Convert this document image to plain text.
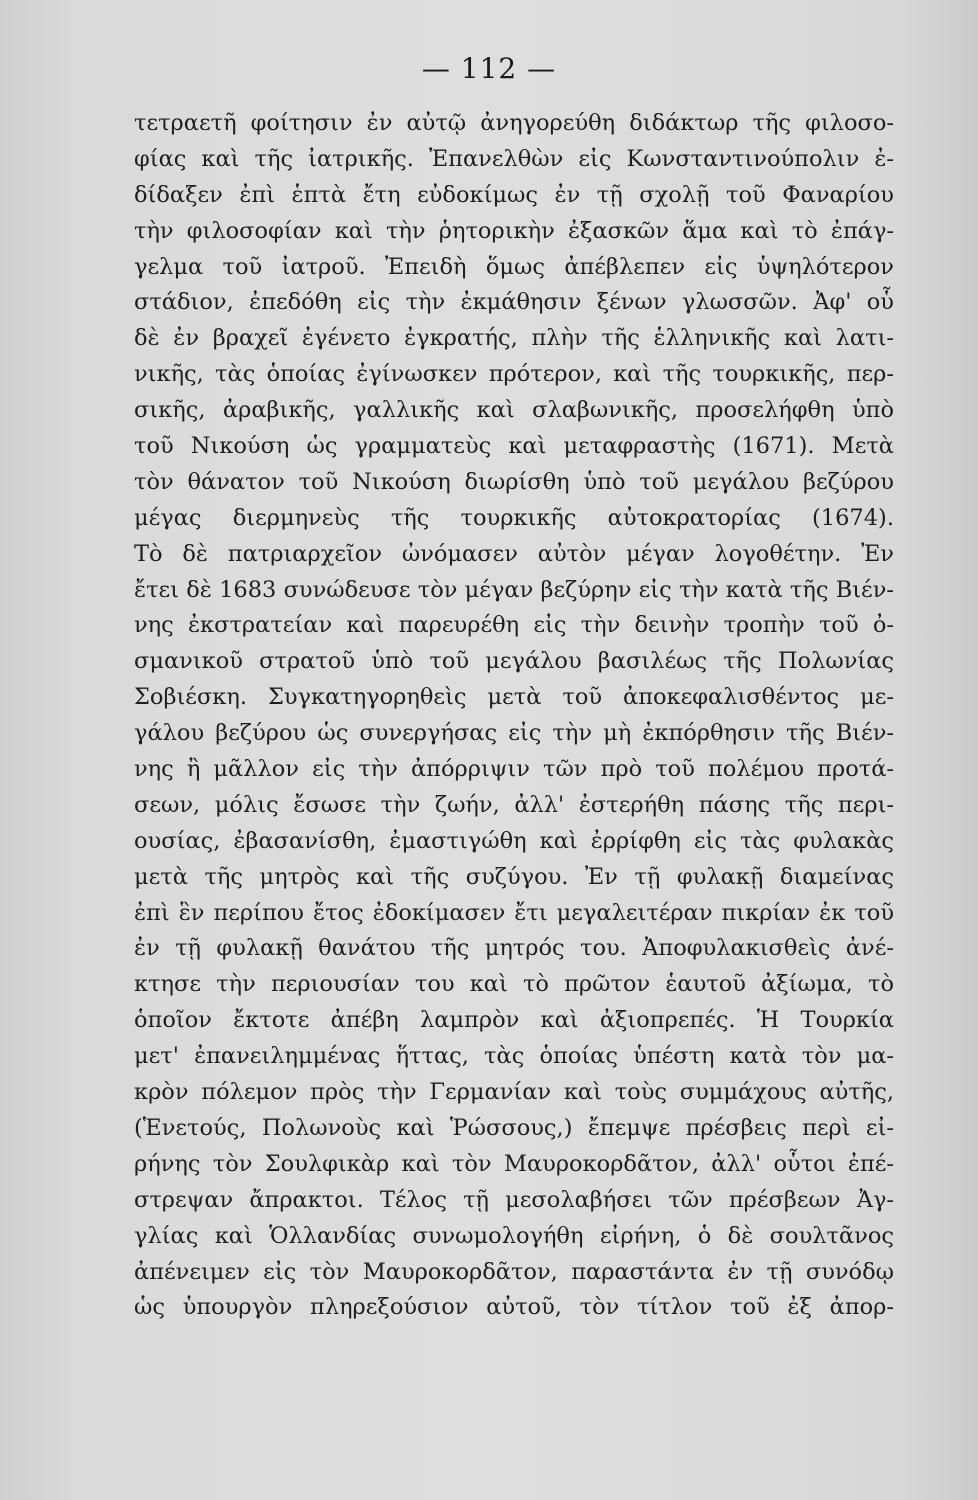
— 112 —
τετραετῆ φοίτησιν ἐν αὐτῷ ἀνηγορεύθη διδάκτωρ τῆς φιλοσο-
φίας καὶ τῆς ἰατρικῆς. Ἐπανελθὼν εἰς Κωνσταντινούπολιν ἐ-
δίδαξεν ἐπὶ ἑπτὰ ἔτη εὐδοκίμως ἐν τῇ σχολῇ τοῦ Φαναρίου
τὴν φιλοσοφίαν καὶ τὴν ῥητορικὴν ἐξασκῶν ἅμα καὶ τὸ ἐπάγ-
γελμα τοῦ ἰατροῦ. Ἐπειδὴ ὅμως ἀπέβλεπεν εἰς ὑψηλότερον
στάδιον, ἐπεδόθη εἰς τὴν ἐκμάθησιν ξένων γλωσσῶν. Ἀφ' οὗ
δὲ ἐν βραχεῖ ἐγένετο ἐγκρατής, πλὴν τῆς ἑλληνικῆς καὶ λατι-
νικῆς, τὰς ὁποίας ἐγίνωσκεν πρότερον, καὶ τῆς τουρκικῆς, περ-
σικῆς, ἀραβικῆς, γαλλικῆς καὶ σλαβωνικῆς, προσελήφθη ὑπὸ
τοῦ Νικούση ὡς γραμματεὺς καὶ μεταφραστὴς (1671). Μετὰ
τὸν θάνατον τοῦ Νικούση διωρίσθη ὑπὸ τοῦ μεγάλου βεζύρου
μέγας διερμηνεὺς τῆς τουρκικῆς αὐτοκρατορίας (1674).
Τὸ δὲ πατριαρχεῖον ὠνόμασεν αὐτὸν μέγαν λογοθέτην. Ἐν
ἔτει δὲ 1683 συνώδευσε τὸν μέγαν βεζύρην εἰς τὴν κατὰ τῆς Βιέν-
νης ἐκστρατείαν καὶ παρευρέθη εἰς τὴν δεινὴν τροπὴν τοῦ ὀ-
σμανικοῦ στρατοῦ ὑπὸ τοῦ μεγάλου βασιλέως τῆς Πολωνίας
Σοβιέσκη. Συγκατηγορηθεὶς μετὰ τοῦ ἀποκεφαλισθέντος με-
γάλου βεζύρου ὡς συνεργήσας εἰς τὴν μὴ ἐκπόρθησιν τῆς Βιέν-
νης ἢ μᾶλλον εἰς τὴν ἀπόρριψιν τῶν πρὸ τοῦ πολέμου προτά-
σεων, μόλις ἔσωσε τὴν ζωήν, ἀλλ' ἐστερήθη πάσης τῆς περι-
ουσίας, ἐβασανίσθη, ἐμαστιγώθη καὶ ἐρρίφθη εἰς τὰς φυλακὰς
μετὰ τῆς μητρὸς καὶ τῆς συζύγου. Ἐν τῇ φυλακῇ διαμείνας
ἐπὶ ἓν περίπου ἔτος ἐδοκίμασεν ἔτι μεγαλειτέραν πικρίαν ἐκ τοῦ
ἐν τῇ φυλακῇ θανάτου τῆς μητρός του. Ἀποφυλακισθεὶς ἀνέ-
κτησε τὴν περιουσίαν του καὶ τὸ πρῶτον ἑαυτοῦ ἀξίωμα, τὸ
ὁποῖον ἔκτοτε ἀπέβη λαμπρὸν καὶ ἀξιοπρεπές. Ἡ Τουρκία
μετ' ἐπανειλημμένας ἥττας, τὰς ὁποίας ὑπέστη κατὰ τὸν μα-
κρὸν πόλεμον πρὸς τὴν Γερμανίαν καὶ τοὺς συμμάχους αὐτῆς,
(Ἑνετούς, Πολωνοὺς καὶ Ῥώσσους,) ἔπεμψε πρέσβεις περὶ εἰ-
ρήνης τὸν Σουλφικὰρ καὶ τὸν Μαυροκορδᾶτον, ἀλλ' οὗτοι ἐπέ-
στρεψαν ἄπρακτοι. Τέλος τῇ μεσολαβήσει τῶν πρέσβεων Ἀγ-
γλίας καὶ Ὁλλανδίας συνωμολογήθη εἰρήνη, ὁ δὲ σουλτᾶνος
ἀπένειμεν εἰς τὸν Μαυροκορδᾶτον, παραστάντα ἐν τῇ συνόδῳ
ὡς ὑπουργὸν πληρεξούσιον αὐτοῦ, τὸν τίτλον τοῦ ἐξ ἀπορ-
